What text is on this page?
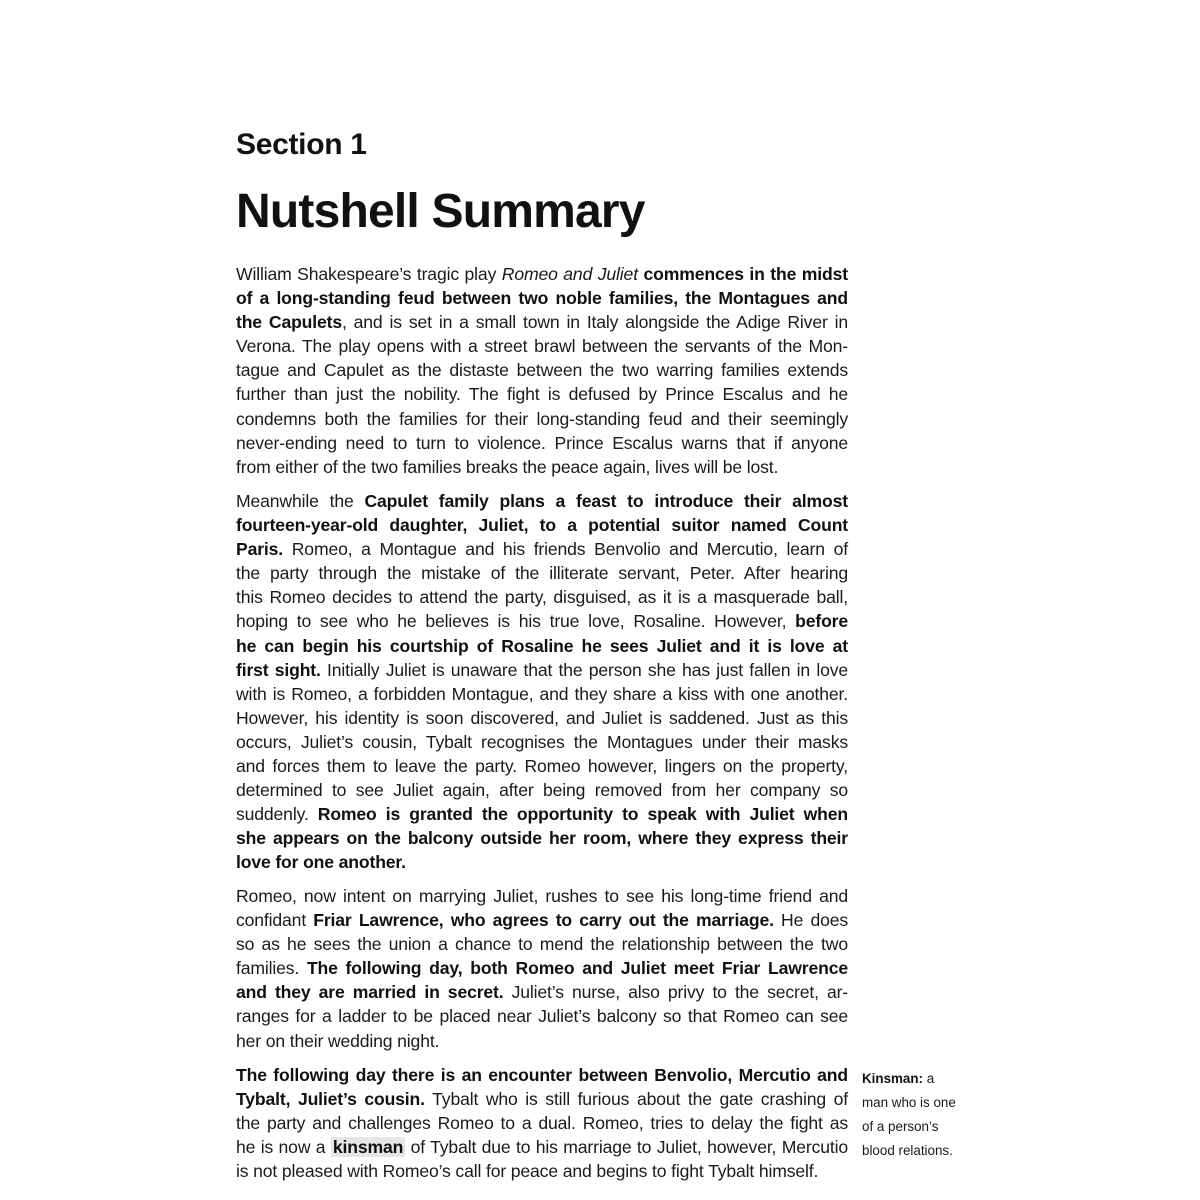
Section 1
Nutshell Summary
William Shakespeare’s tragic play Romeo and Juliet commences in the midst
of a long-standing feud between two noble families, the Montagues and
the Capulets, and is set in a small town in Italy alongside the Adige River in
Verona. The play opens with a street brawl between the servants of the Mon-
tague and Capulet as the distaste between the two warring families extends
further than just the nobility. The fight is defused by Prince Escalus and he
condemns both the families for their long-standing feud and their seemingly
never-ending need to turn to violence. Prince Escalus warns that if anyone
from either of the two families breaks the peace again, lives will be lost.
Meanwhile the Capulet family plans a feast to introduce their almost
fourteen-year-old daughter, Juliet, to a potential suitor named Count
Paris. Romeo, a Montague and his friends Benvolio and Mercutio, learn of
the party through the mistake of the illiterate servant, Peter. After hearing
this Romeo decides to attend the party, disguised, as it is a masquerade ball,
hoping to see who he believes is his true love, Rosaline. However, before
he can begin his courtship of Rosaline he sees Juliet and it is love at
first sight. Initially Juliet is unaware that the person she has just fallen in love
with is Romeo, a forbidden Montague, and they share a kiss with one another.
However, his identity is soon discovered, and Juliet is saddened. Just as this
occurs, Juliet’s cousin, Tybalt recognises the Montagues under their masks
and forces them to leave the party. Romeo however, lingers on the property,
determined to see Juliet again, after being removed from her company so
suddenly. Romeo is granted the opportunity to speak with Juliet when
she appears on the balcony outside her room, where they express their
love for one another.
Romeo, now intent on marrying Juliet, rushes to see his long-time friend and
confidant Friar Lawrence, who agrees to carry out the marriage. He does
so as he sees the union a chance to mend the relationship between the two
families. The following day, both Romeo and Juliet meet Friar Lawrence
and they are married in secret. Juliet’s nurse, also privy to the secret, ar-
ranges for a ladder to be placed near Juliet’s balcony so that Romeo can see
her on their wedding night.
The following day there is an encounter between Benvolio, Mercutio and
Tybalt, Juliet’s cousin. Tybalt who is still furious about the gate crashing of
the party and challenges Romeo to a dual. Romeo, tries to delay the fight as
he is now a kinsman of Tybalt due to his marriage to Juliet, however, Mercutio
is not pleased with Romeo’s call for peace and begins to fight Tybalt himself.
Kinsman: a
man who is one
of a person’s
blood relations.
